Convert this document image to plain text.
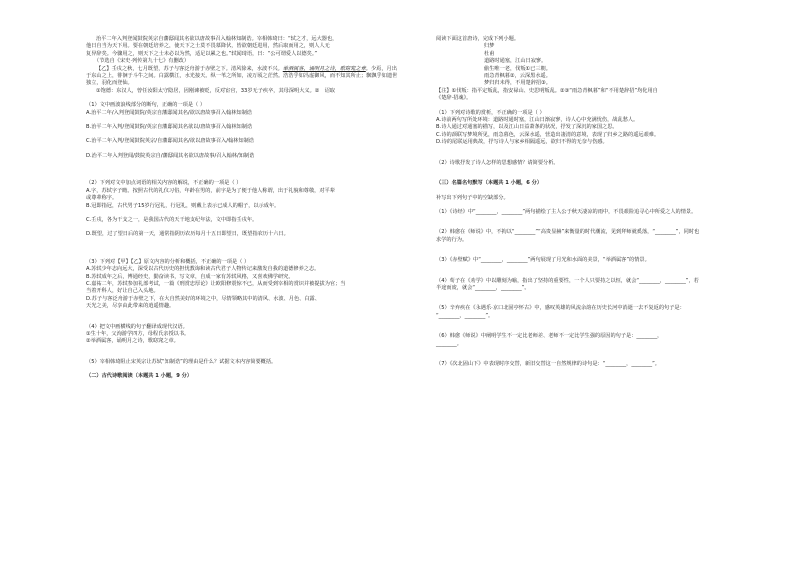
治平二年入判登闻鼓院英宗自藩邸闻其名欲以唐故事召入翰林知制诰。宰相韩琦曰：“轼之才，远大器也，

他日自当为天下用。要在朝廷培养之，使天下之士莫不畏慕降伏，皆欲朝廷进用，然后取而用之，则人人无

复异辞矣。今骤用之，则天下之士未必以为然，适足以累之也。”轼闻琦语，曰：“公可谓爱人以德矣。”

（节选自《宋史·列传第九十七》有删改）

【乙】壬戌之秋，七月既望，苏子与客泛舟游于赤壁之下。清风徐来，水波不兴。举酒属客，诵明月之诗，歌窈窕之章。少焉，月出于东山之上，徘徊于斗牛之间。白露横江，水光接天。纵一苇之所如，凌万顷之茫然。浩浩乎如冯虚御风，而不知其所止；飘飘乎如遗世独立，羽化而登仙。

①饱德：东汉人，曾任汝阳太守隐居，因刚谏被贬，反对宦官，33岁无子疾卒，其母深明大义。②　诏取

（1）文中画波浪线部分的断句，正确的一项是（ ）

A.治平二年/入判登闻鼓院/英宗自藩邸闻其名/欲以唐故事召入翰林知制诰

B.治平二年入判/登闻鼓院/英宗自藩邸闻其名欲以/唐故事召入翰林知制诰

C.治平二年入判/登闻鼓院英宗/自藩邸闻其名/欲以唐故事召入/翰林知制诰

D.治平二年入判登闻/鼓院英宗自/藩邸闻其名欲以唐故事/召入翰林/知制诰

（2）下列对文中加点词语的相关内容的解说，不正确的一项是（ ）

A.字，苏轼字子瞻。按照古代的礼仪习俗，年龄在男的，前字是为了便于他人称谓，出于礼貌和尊敬，对平辈

或尊辈称字。

B.冠即指冠，古代男子15岁行冠礼，行冠礼，则戴上表示已成人的帽子，以示成年。

C.壬戌，各为干支之一，是我国古代的天干地支纪年法，文中即指壬戌年。

D.既望，过了望日后的第一天，通常指阴历农历每月十五日即望日，既望指农历十六日。

（3）下列对【甲】【乙】原文内容的分析和概括，不正确的一项是（ ）

A.苏轼少年志向远大，深受以古代历史的担忧教诲和读古代君子人物传记来激发自我的道德修养之志。

B.苏轼成年之后，博通经史，勤奋读书，写文章，自成一家有苏轼风格，又喜欢佛学研究。

C.嘉祐二年，苏轼参加礼部考试，一篇《刑赏忠厚论》让欧阳修震惊不已，从而受到宰相的赏识并被提拔为官；当

当着开科人，好让自己入头地。

D.苏子与客泛舟游于赤壁之下，在大自然美好的环境之中，尽情领略其中的清风、水波、月色、白露、

天光之美，尽享由此带来的逍遥情趣。

（4）把文中画横线的句子翻译成现代汉语。

①生十年，父洵游学四方，母程氏亲授以书。

②举酒属客，诵明月之诗，歌窈窕之章。

（5）宰相韩琦阻止宋英宗让苏轼“知制诰”的理由是什么？试据文本内容简要概括。

（二）古代诗歌阅读（本题共 1 小题，9 分）

阅读下面这首唐诗，完成下列小题。

归梦

杜甫

道路时通塞，江山日寂寥。

偷生唯一老，伐叛①已三朝。

雨急青枫暮②，云深黑水遥。

梦归归未得，不用楚辞招③。

【注】①伐叛：指平定叛乱，指安禄山、史思明叛乱。②③“雨急青枫暮”和“不用楚辞招”均化用自

《楚辞·招魂》。

（1）下列对诗歌的赏析，不正确的一项是（ ）

A.诗前两句写所处环境：道路时通时塞，江山日渐寂寥，诗人心中充满忧伤，战乱愁人。

B.诗人通过对通塞的描写，以及江山日益萧条的状况，抒发了深沉的家国之思。

C.诗的颈联写梦境所见，雨急暮色，云深水遥，营造出凄清的意境，表现了归乡之路的遥远艰难。

D.诗的尾联运用典故，抒写诗人与家乡相隔遥远，欲归不得的无奈与伤感。

（2）诗歌抒发了诗人怎样的思想感情？请简要分析。

（三）名篇名句默写（本题共 1 小题，6 分）

补写出下列句子中的空缺部分。

（1）《诗经》中“________，________”两句描绘了主人公于秋天凄凉的雨中，不畏艰险追寻心中所爱之人的情景。

（2）韩愈在《师说》中，不拘以“________”“高贵显赫”来衡量的时代潮流，见到拜师就奚落，“________”，同时也

求学的行为。

（3）《赤壁赋》中“________，________”两句展现了月光和水面的美景，“举酒属客”的情景。

（4）荀子在《劝学》中以雕刻为喻，指出了坚持的重要性，一个人只要持之以恒，就会“________，________”，若

半途而废，就会“________，________”。

（5）辛弃疾在《永遇乐·京口北固亭怀古》中，感叹英雄的风流余韵在历史长河中消逝一去不复返的句子是：

“________，________”。

（6）韩愈《师说》中阐明学生不一定比老师差、老师不一定比学生强的原因的句子是：________，

________。

（7）《次北固山下》中表现时序交替，新旧交替这一自然规律的诗句是：“________，________”。
